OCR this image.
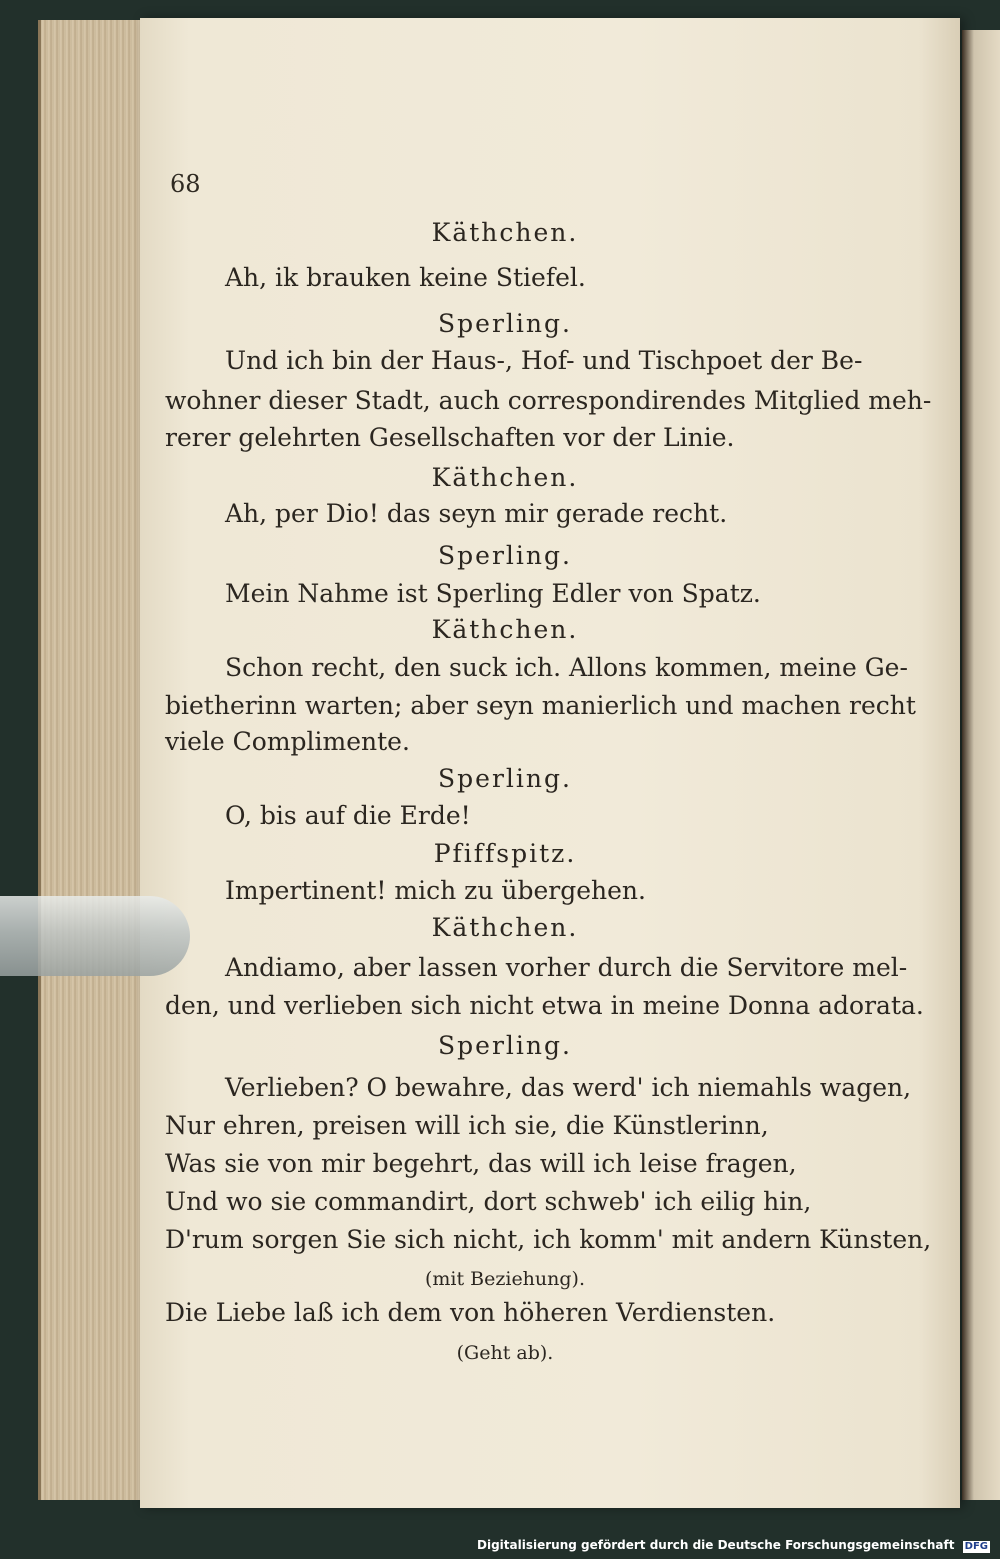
68
Käthchen.
Ah, ik brauken keine Stiefel.
Sperling.
Und ich bin der Haus-, Hof- und Tischpoet der Be-
wohner dieser Stadt, auch correspondirendes Mitglied meh-
rerer gelehrten Gesellschaften vor der Linie.
Käthchen.
Ah, per Dio! das seyn mir gerade recht.
Sperling.
Mein Nahme ist Sperling Edler von Spatz.
Käthchen.
Schon recht, den suck ich. Allons kommen, meine Ge-
bietherinn warten; aber seyn manierlich und machen recht
viele Complimente.
Sperling.
O, bis auf die Erde!
Pfiffspitz.
Impertinent! mich zu übergehen.
Käthchen.
Andiamo, aber lassen vorher durch die Servitore mel-
den, und verlieben sich nicht etwa in meine Donna adorata.
Sperling.
Verlieben? O bewahre, das werd' ich niemahls wagen,
Nur ehren, preisen will ich sie, die Künstlerinn,
Was sie von mir begehrt, das will ich leise fragen,
Und wo sie commandirt, dort schweb' ich eilig hin,
D'rum sorgen Sie sich nicht, ich komm' mit andern Künsten,
(mit Beziehung).
Die Liebe laß ich dem von höheren Verdiensten.
(Geht ab).
Digitalisierung gefördert durch die Deutsche Forschungsgemeinschaft DFG
